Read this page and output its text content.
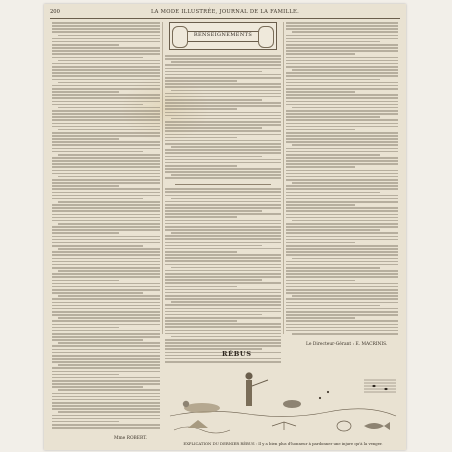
200	LA MODE ILLUSTRÉE, JOURNAL DE LA FAMILLE.
Mme ROBERT.
RENSEIGNEMENTS
Le Directeur-Gérant : E. MACRINIS.
RÉBUS
EXPLICATION DU DERNIER RÉBUS : Il y a bien plus d'honneur à pardonner une injure qu'à la venger.
